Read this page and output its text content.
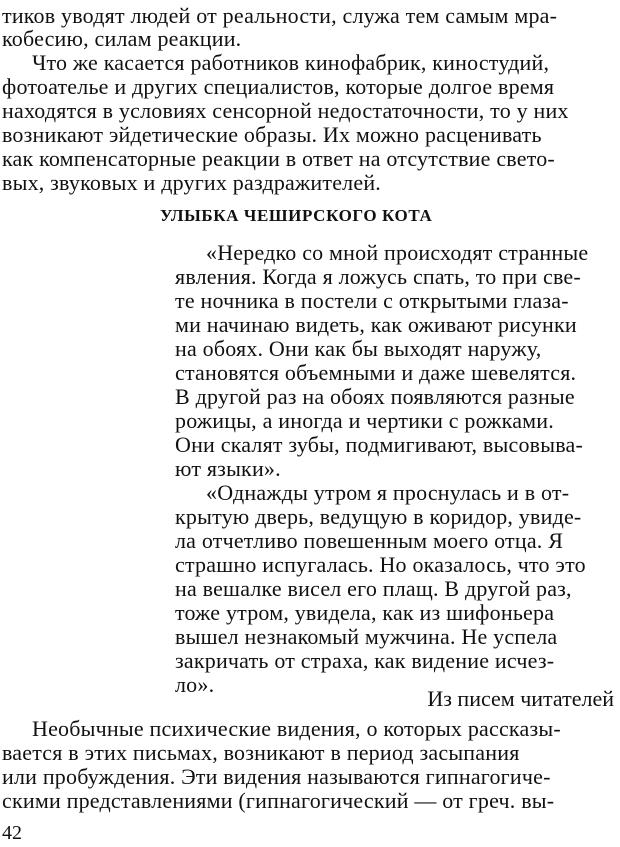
тиков уводят людей от реальности, служа тем самым мра-
кобесию, силам реакции.
Что же касается работников кинофабрик, киностудий,
фотоателье и других специалистов, которые долгое время
находятся в условиях сенсорной недостаточности, то у них
возникают эйдетические образы. Их можно расценивать
как компенсаторные реакции в ответ на отсутствие свето-
вых, звуковых и других раздражителей.
УЛЫБКА ЧЕШИРСКОГО КОТА
«Нередко со мной происходят странные
явления. Когда я ложусь спать, то при све-
те ночника в постели с открытыми глаза-
ми начинаю видеть, как оживают рисунки
на обоях. Они как бы выходят наружу,
становятся объемными и даже шевелятся.
В другой раз на обоях появляются разные
рожицы, а иногда и чертики с рожками.
Они скалят зубы, подмигивают, высовыва-
ют языки».
«Однажды утром я проснулась и в от-
крытую дверь, ведущую в коридор, увиде-
ла отчетливо повешенным моего отца. Я
страшно испугалась. Но оказалось, что это
на вешалке висел его плащ. В другой раз,
тоже утром, увидела, как из шифоньера
вышел незнакомый мужчина. Не успела
закричать от страха, как видение исчез-
ло».
Из писем читателей
Необычные психические видения, о которых рассказы-
вается в этих письмах, возникают в период засыпания
или пробуждения. Эти видения называются гипнагогиче-
скими представлениями (гипнагогический — от греч. вы-
42
